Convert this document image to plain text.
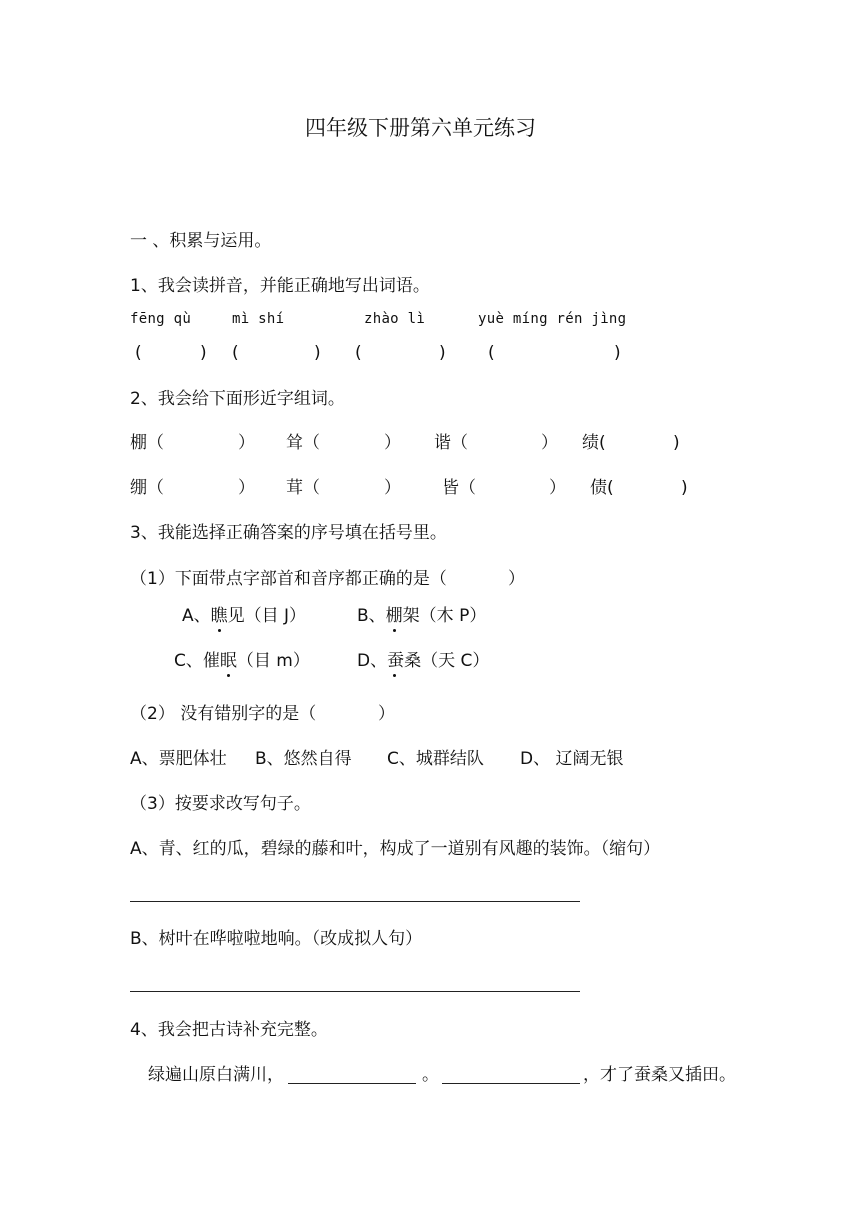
四年级下册第六单元练习
一 、积累与运用。
1、我会读拼音，并能正确地写出词语。
fēng qù	mì shí	zhào lì	yuè míng rén jìng
(	) (	) (	) (	)
2、我会给下面形近字组词。
棚（	） 耸（	） 谐（	） 绩(	)
绷（	） 茸（	） 皆（	） 债(	)
3、我能选择正确答案的序号填在括号里。
（1）下面带点字部首和音序都正确的是（	）
A、瞧见（目 J）	B、棚架（木 P）
C、催眠（目 m）	D、蚕桑（天 C）
（2） 没有错别字的是（	）
A、票肥体壮 B、悠然自得 C、城群结队 D、 辽阔无银
（3）按要求改写句子。
A、青、红的瓜，碧绿的藤和叶，构成了一道别有风趣的装饰。（缩句）
B、树叶在哗啦啦地响。（改成拟人句）
4、我会把古诗补充完整。
绿遍山原白满川，	。	，才了蚕桑又插田。
